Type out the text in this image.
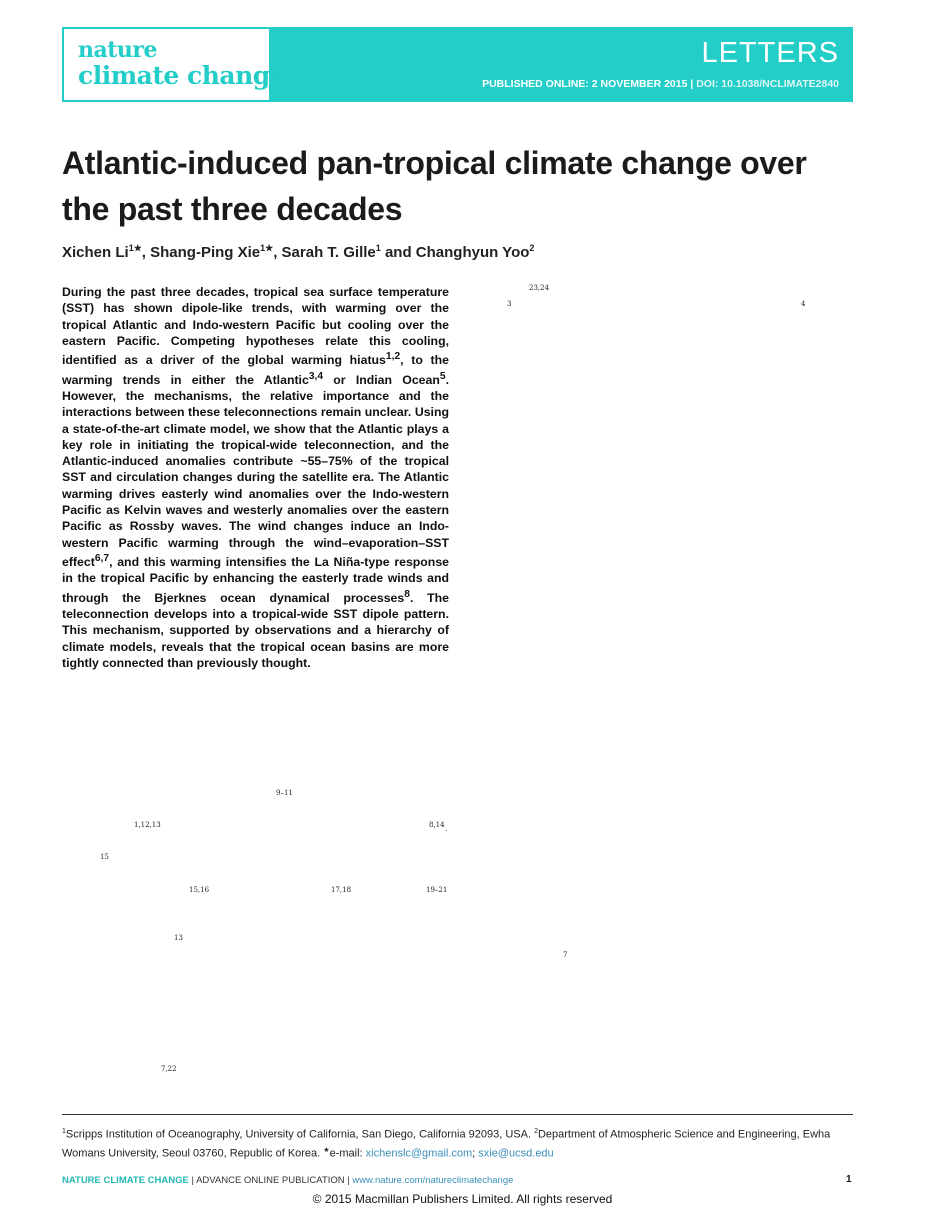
LETTERS
PUBLISHED ONLINE: 2 NOVEMBER 2015 | DOI: 10.1038/NCLIMATE2840
nature
climate change
Atlantic-induced pan-tropical climate change over the past three decades
Xichen $Li^{1★}$, Shang-Ping Xie$^{1★}$, Sarah T. Gille$^1$ and Changhyun Yoo$^2$
During the past three decades, tropical sea surface temperature (SST) has shown dipole-like trends, with warming over the tropical Atlantic and Indo-western Pacific but cooling over the eastern Pacific. Competing hypotheses relate this cooling, identified as a driver of the global warming hiatus$^{1,2}$, to the warming trends in either the Atlantic$^{3,4}$ or Indian Ocean$^5$. However, the mechanisms, the relative importance and the interactions between these teleconnections remain unclear. Using a state-of-the-art climate model, we show that the Atlantic plays a key role in initiating the tropical-wide teleconnection, and the Atlantic-induced anomalies contribute ~55–75% of the tropical SST and circulation changes during the satellite era. The Atlantic warming drives easterly wind anomalies over the Indo-western Pacific as Kelvin waves and westerly anomalies over the eastern Pacific as Rossby waves. The wind changes induce an Indo-western Pacific warming through the wind–evaporation–SST effect$^{6,7}$, and this warming intensifies the La Niña-type response in the tropical Pacific by enhancing the easterly trade winds and through the Bjerknes ocean dynamical processes$^8$. The teleconnection develops into a tropical-wide SST dipole pattern. This mechanism, supported by observations and a hierarchy of climate models, reveals that the tropical ocean basins are more tightly connected than previously thought.
23,24
3	4
9–11
1,12,13	8,14 .
15
15,16	17,18	19–21
13
7
7,22
$^1$Scripps Institution of Oceanography, University of California, San Diego, California 92093, USA. $^2$Department of Atmospheric Science and Engineering, Ewha Womans University, Seoul 03760, Republic of Korea. ★e-mail: xichenslc@gmail.com; sxie@ucsd.edu
NATURE CLIMATE CHANGE | ADVANCE ONLINE PUBLICATION | www.nature.com/natureclimatechange	1
© 2015 Macmillan Publishers Limited. All rights reserved
